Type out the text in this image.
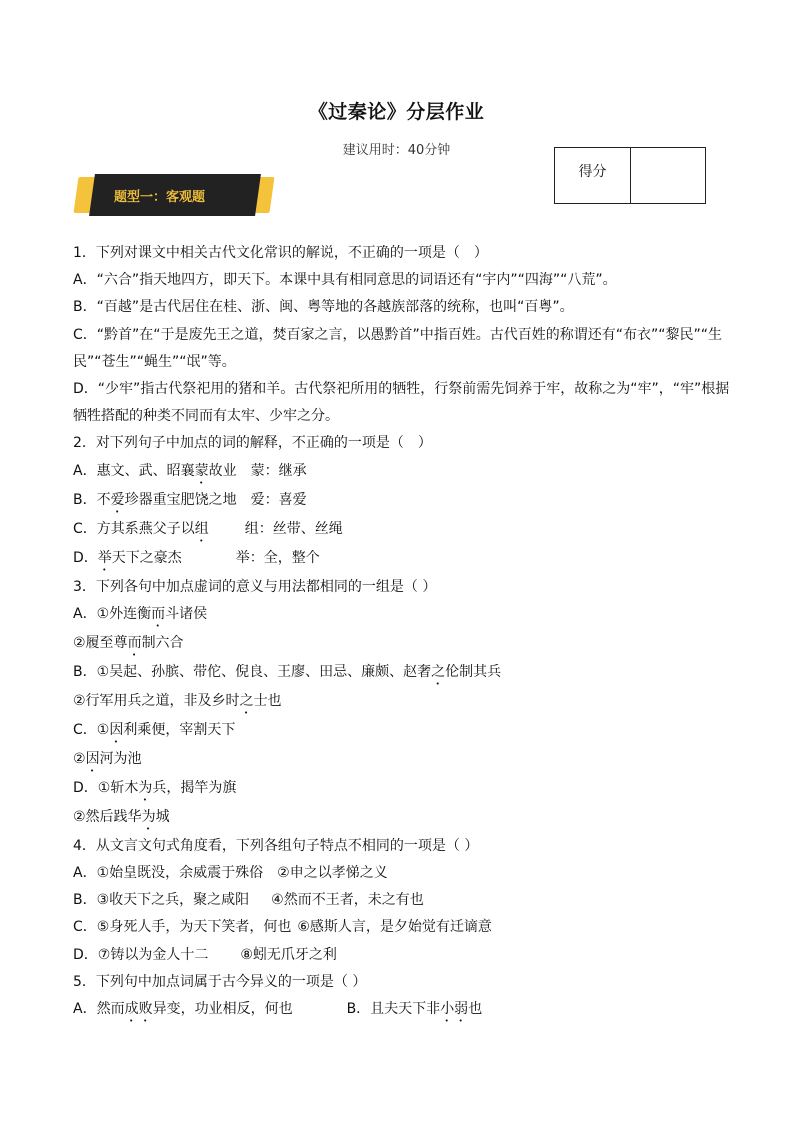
《过秦论》分层作业
建议用时：40分钟
得分
题型一：客观题
1．下列对课文中相关古代文化常识的解说，不正确的一项是（　）
A．“六合”指天地四方，即天下。本课中具有相同意思的词语还有“宇内”“四海”“八荒”。
B．“百越”是古代居住在桂、浙、闽、粤等地的各越族部落的统称，也叫“百粤”。
C．“黔首”在“于是废先王之道，焚百家之言，以愚黔首”中指百姓。古代百姓的称谓还有“布衣”“黎民”“生
民”“苍生”“蝇生”“氓”等。
D．“少牢”指古代祭祀用的猪和羊。古代祭祀所用的牺牲，行祭前需先饲养于牢，故称之为“牢”，“牢”根据
牺牲搭配的种类不同而有太牢、少牢之分。
2．对下列句子中加点的词的解释，不正确的一项是（　）
A．惠文、武、昭襄蒙故业 蒙：继承
B．不爱珍器重宝肥饶之地 爱：喜爱
C．方其系燕父子以组	组：丝带、丝绳
D．举天下之豪杰	举：全，整个
3．下列各句中加点虚词的意义与用法都相同的一组是（ ）
A．①外连衡而斗诸侯
②履至尊而制六合
B．①吴起、孙膑、带佗、倪良、王廖、田忌、廉颇、赵奢之伦制其兵
②行军用兵之道，非及乡时之士也
C．①因利乘便，宰割天下
②因河为池
D．①斩木为兵，揭竿为旗
②然后践华为城
4．从文言文句式角度看，下列各组句子特点不相同的一项是（ ）
A．①始皇既没，余威震于殊俗 ②申之以孝悌之义
B．③收天下之兵，聚之咸阳 ④然而不王者，未之有也
C．⑤身死人手，为天下笑者，何也 ⑥感斯人言，是夕始觉有迁谪意
D．⑦铸以为金人十二 ⑧蚓无爪牙之利
5．下列句中加点词属于古今异义的一项是（ ）
A．然而成败异变，功业相反，何也	B．且夫天下非小弱也
